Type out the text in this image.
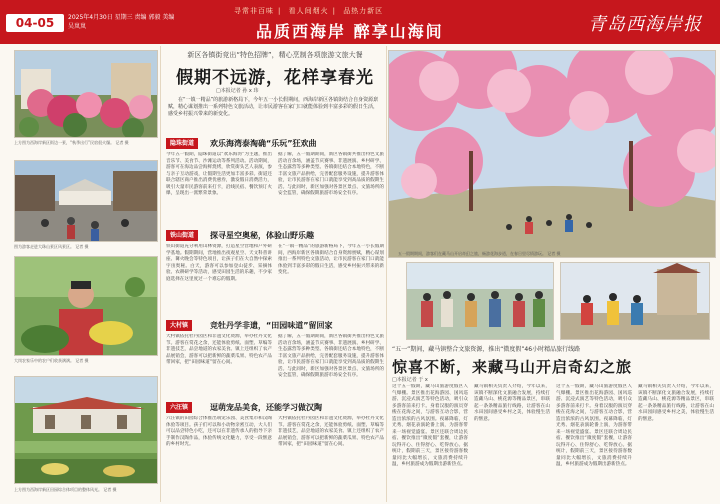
04-05	2025年4月30日 星期三 责编 郭毅 美编 吴岚岚
寻常非百味 | 看人间烟火 | 品热力新区
品质西海岸 醉享山海间	青岛西海岸报
上方图为西海岸新区街边一景，“秋季出行”民宿很火爆。 记者 摄
图为游客走进大珠山景区风景区。 记者 摄
大岗农家乐中的农户们收获满满。 记者 摄
上方图为西海岸新区田园综合体项目的整体风光。 记者 摄
新区各镇街竞出“特色招牌”，精心烹制各项旅游文旅大餐
假期不远游，花样享春光
□本报记者 孙 x 玮
在“一镇一精品”的旅游新格局下，今年五一小长假期间，西海岸新区各镇街结合自身资源禀赋，精心谋划推出一系列特色文旅活动，让市民游客在家门口就能体验到丰富多彩的假日生活，感受乡村振兴带来的新变化。
隐珠街道	欢乐海湾泰淘确“乐玩”狂欢曲
今年五一假期，隐珠街道以“欢乐海湾”为主题，推出音乐节、美食节、沙滩运动等系列活动。活动期间，游客可在海边品尝海鲜烧烤，欣赏街头艺人表演，参与亲子互动游戏，让假期生活更加丰富多彩。街道还联合辖区商户推出消费优惠券，激发假日消费活力，吸引大量市民游客前来打卡，沿线民宿、餐饮预订火爆，呈现出一派繁荣景象。
据了解，五一假期期间，新区各镇街共推出特色文旅活动百余场，涵盖节庆赛事、非遗展演、乡村研学、生态露营等多种类型。各镇街还结合本地特色，不断丰富文旅产品供给，完善配套服务设施，提升游客体验，让市民游客在家门口就能享受到高品质的假期生活。与此同时，新区加强对各景区景点、文旅场所的安全监管，确保假期旅游市场安全有序。
铁山街道	探寻星空奥秘，体验山野乐趣
铁山街道充分利用山林资源，打造星空营地和户外研学基地。假期期间，营地推出夜观星空、天文科普讲座、篝火晚会等特色项目，让孩子们在大自然中探索宇宙奥秘。白天，游客可以参加登山徒步、采摘体验、农耕研学等活动，感受田园生活的乐趣，不少家庭选择在这里度过一个难忘的假期。
在“一镇一精品”的旅游新格局下，今年五一小长假期间，西海岸新区各镇街结合自身资源禀赋，精心谋划推出一系列特色文旅活动，让市民游客在家门口就能体验到丰富多彩的假日生活，感受乡村振兴带来的新变化。
大村镇	竞牡丹学非遗，“田园味道”留回家
大村镇依托牡丹园区和非遗文化资源，举办牡丹文化节。游客在赏花之余，还能体验剪纸、面塑、草编等非遗技艺，品尝地道的农家美食。镇上还组织了农产品展销会，游客可以把新鲜的蔬菜瓜果、特色农产品带回家，把“田园味道”留在心间。
据了解，五一假期期间，新区各镇街共推出特色文旅活动百余场，涵盖节庆赛事、非遗展演、乡村研学、生态露营等多种类型。各镇街还结合本地特色，不断丰富文旅产品供给，完善配套服务设施，提升游客体验，让市民游客在家门口就能享受到高品质的假期生活。与此同时，新区加强对各景区景点、文旅场所的安全监管，确保假期旅游市场安全有序。
六汪镇	逗萌宠品美食，还能学习做汉陶
六汪镇的田园综合体推出萌宠乐园、美食集市和汉陶体验等项目。孩子们可以和小动物亲密互动，大人们可以品尝特色小吃，还可以在非遗传承人的指导下亲手制作汉陶作品，体验传统文化魅力，享受一段惬意的乡村时光。
大村镇依托牡丹园区和非遗文化资源，举办牡丹文化节。游客在赏花之余，还能体验剪纸、面塑、草编等非遗技艺，品尝地道的农家美食。镇上还组织了农产品展销会，游客可以把新鲜的蔬菜瓜果、特色农产品带回家，把“田园味道”留在心间。
五一假期期间，游客们在藏马山开启奇幻之旅，畅游花海步道，在春日里尽情游玩。 记者 摄
“五一”期间，藏马镇整合文旅资源，推出“微度假”46小时精品旅行线路
惊喜不断，来藏马山开启奇幻之旅
□本报记者 于 x
这个五一假期，藏马山旅游度假区人气爆棚。景区推出花海游园、国风巡游、沉浸式演艺等特色活动，吸引众多游客前来打卡。身着汉服的演员穿梭在花海之间，与游客互动合影，营造出浓浓的古风氛围。夜幕降临，灯光秀、烟花表演轮番上演，为游客带来一场视觉盛宴。景区还联合周边民宿、餐饮推出“微度假”套餐，让游客玩得开心、住得舒心、吃得放心。据统计，假期前三天，景区接待游客数量同比大幅增长，文旅消费持续升温，乡村旅游成为假期出游新热点。
藏马镇相关负责人介绍，今年以来，该镇不断深化文旅融合发展，持续打造藏马山、桃花源等精品景区，串联起一条条精品旅行线路，让游客在山水田园间感受乡村之美，体验慢生活的惬意。
这个五一假期，藏马山旅游度假区人气爆棚。景区推出花海游园、国风巡游、沉浸式演艺等特色活动，吸引众多游客前来打卡。身着汉服的演员穿梭在花海之间，与游客互动合影，营造出浓浓的古风氛围。夜幕降临，灯光秀、烟花表演轮番上演，为游客带来一场视觉盛宴。景区还联合周边民宿、餐饮推出“微度假”套餐，让游客玩得开心、住得舒心、吃得放心。据统计，假期前三天，景区接待游客数量同比大幅增长，文旅消费持续升温，乡村旅游成为假期出游新热点。
藏马镇相关负责人介绍，今年以来，该镇不断深化文旅融合发展，持续打造藏马山、桃花源等精品景区，串联起一条条精品旅行线路，让游客在山水田园间感受乡村之美，体验慢生活的惬意。
